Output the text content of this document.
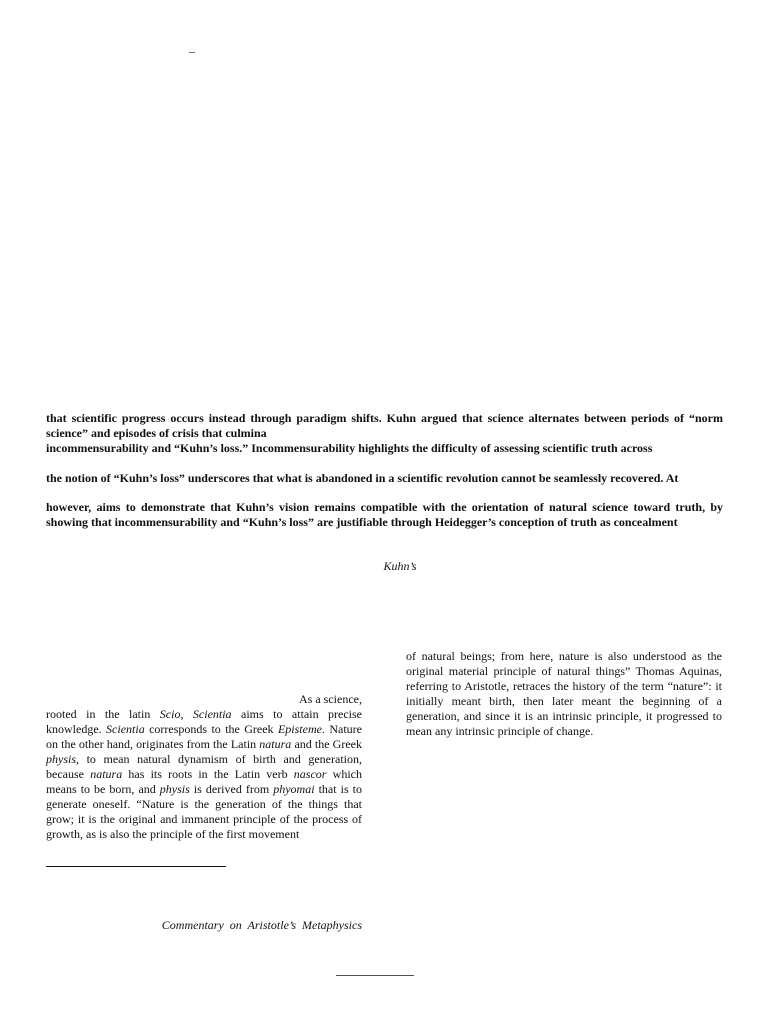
–

that scientific progress occurs instead through paradigm shifts. Kuhn argued that science alternates between periods of “norm science” and episodes of crisis that culmina

incommensurability and “Kuhn’s loss.” Incommensurability highlights the difficulty of assessing scientific truth across

the notion of “Kuhn’s loss” underscores that what is abandoned in a scientific revolution cannot be seamlessly recovered. At

however, aims to demonstrate that Kuhn’s vision remains compatible with the orientation of natural science toward truth, by showing that incommensurability and “Kuhn’s loss” are justifiable through Heidegger’s conception of truth as concealment

Kuhn’s
As a science,

rooted in the latin Scio, Scientia aims to attain precise knowledge. Scientia corresponds to the Greek Episteme. Nature on the other hand, originates from the Latin natura and the Greek physis, to mean natural dynamism of birth and generation, because natura has its roots in the Latin verb nascor which means to be born, and physis is derived from phyomai that is to generate oneself. “Nature is the generation of the things that grow; it is the original and immanent principle of the process of growth, as is also the principle of the first movement

of natural beings; from here, nature is also understood as the original material principle of natural things” Thomas Aquinas, referring to Aristotle, retraces the history of the term “nature”: it initially meant birth, then later meant the beginning of a generation, and since it is an intrinsic principle, it progressed to mean any intrinsic principle of change.

Commentary on Aristotle’s Metaphysics
